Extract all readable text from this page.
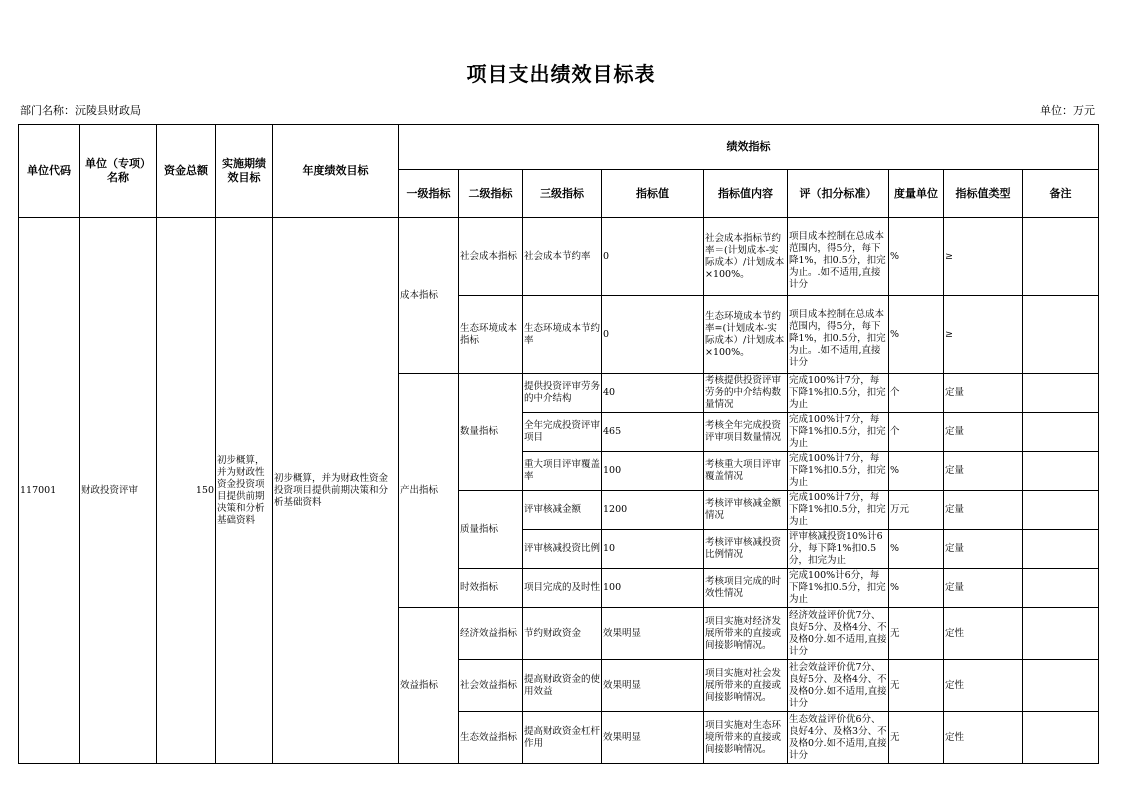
项目支出绩效目标表
部门名称：沅陵县财政局	单位：万元
单位代码	单位（专项）名称	资金总额	实施期绩效目标	年度绩效目标	绩效指标								
					一级指标	二级指标	三级指标	指标值	指标值内容	评（扣分标准）	度量单位	指标值类型	备注
117001	财政投资评审	150	初步概算，并为财政性资金投资项目提供前期决策和分析基础资料	初步概算，并为财政性资金投资项目提供前期决策和分析基础资料	成本指标	社会成本指标	社会成本节约率	0	社会成本指标节约率＝(计划成本-实际成本）/计划成本×100%。	项目成本控制在总成本范围内，得5分，每下降1%，扣0.5分，扣完为止。.如不适用,直接计分	%	≥	
						生态环境成本指标	生态环境成本节约率	0	生态环境成本节约率=(计划成本-实际成本）/计划成本×100%。	项目成本控制在总成本范围内，得5分，每下降1%，扣0.5分，扣完为止。.如不适用,直接计分	%	≥	
					产出指标	数量指标	提供投资评审劳务的中介结构	40	考核提供投资评审劳务的中介结构数量情况	完成100%计7分，每下降1%扣0.5分，扣完为止	个	定量	

							全年完成投资评审项目	465	考核全年完成投资评审项目数量情况	完成100%计7分，每下降1%扣0.5分，扣完为止	个	定量	

							重大项目评审覆盖率	100	考核重大项目评审覆盖情况	完成100%计7分，每下降1%扣0.5分，扣完为止	%	定量	
						质量指标	评审核减金额	1200	考核评审核减金额情况	完成100%计7分，每下降1%扣0.5分，扣完为止	万元	定量	

							评审核减投资比例	10	考核评审核减投资比例情况	评审核减投资10%计6分，每下降1%扣0.5分，扣完为止	%	定量	
						时效指标	项目完成的及时性	100	考核项目完成的时效性情况	完成100%计6分，每下降1%扣0.5分，扣完为止	%	定量	
					效益指标	经济效益指标	节约财政资金	效果明显	项目实施对经济发展所带来的直接或间接影响情况。	经济效益评价优7分、良好5分、及格4分、不及格0分.如不适用,直接计分	无	定性	
						社会效益指标	提高财政资金的使用效益	效果明显	项目实施对社会发展所带来的直接或间接影响情况。	社会效益评价优7分、良好5分、及格4分、不及格0分.如不适用,直接计分	无	定性	
						生态效益指标	提高财政资金杠杆作用	效果明显	项目实施对生态环境所带来的直接或间接影响情况。	生态效益评价优6分、良好4分、及格3分、不及格0分.如不适用,直接计分	无	定性	
